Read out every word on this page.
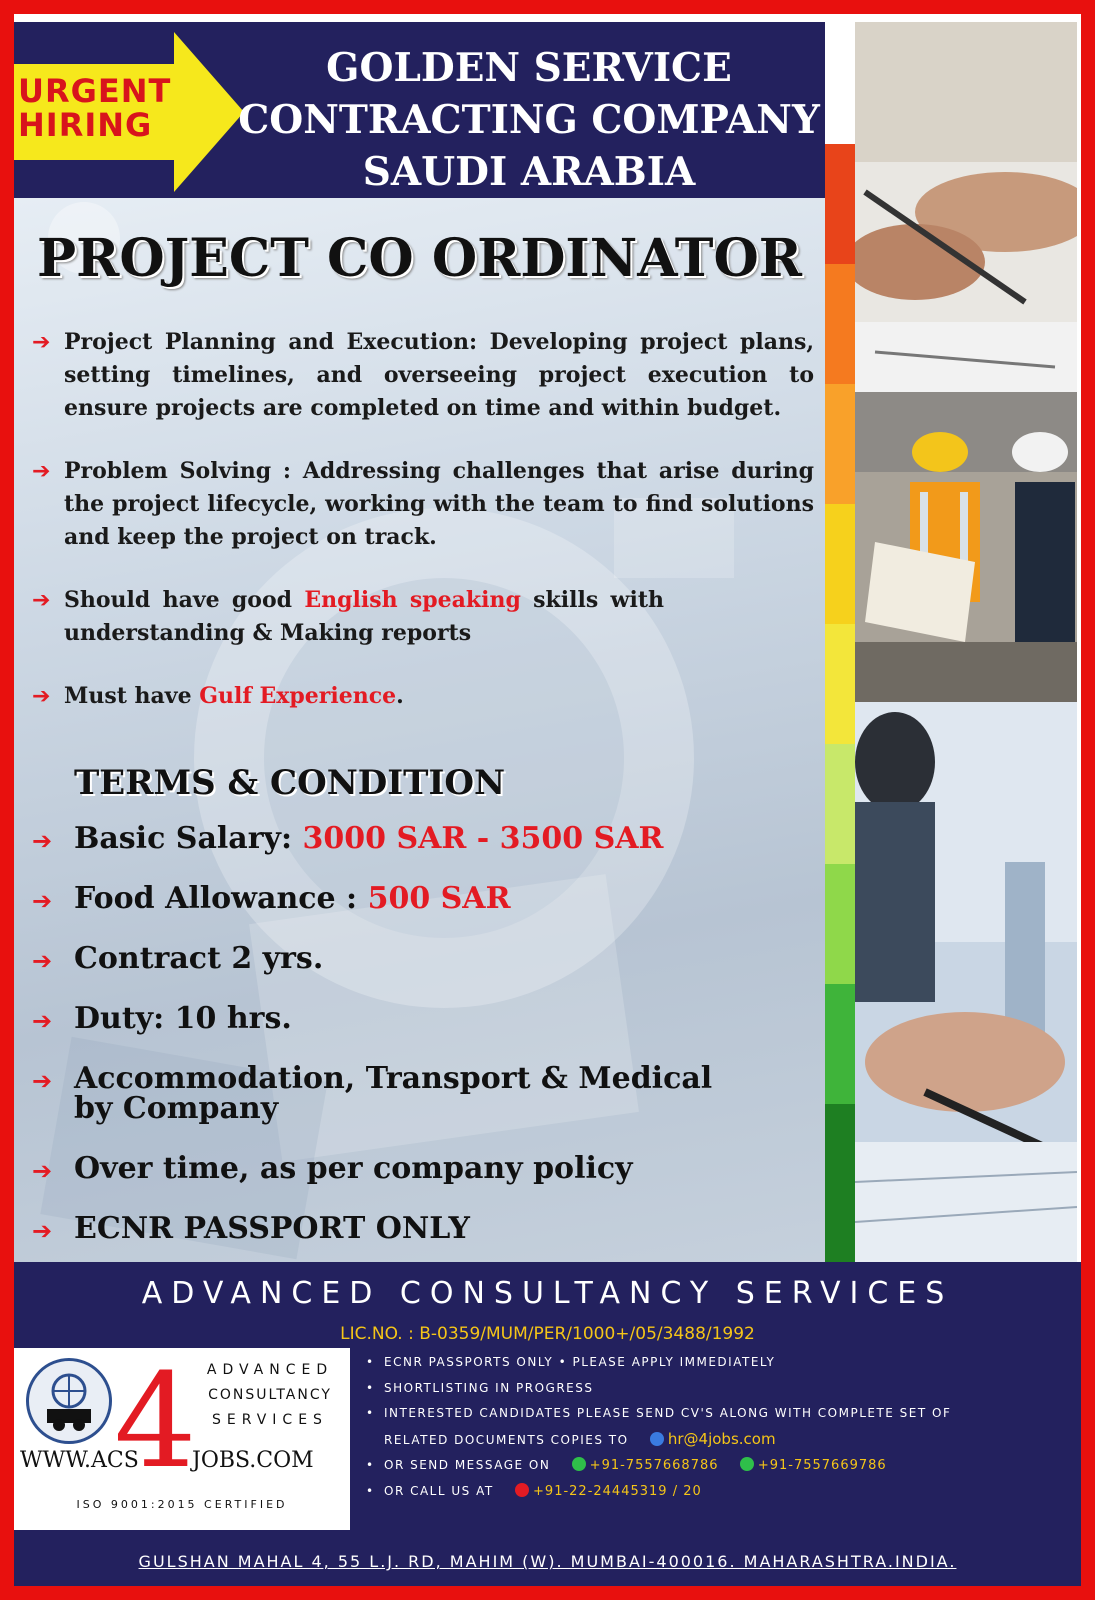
URGENT
HIRING
GOLDEN SERVICE
CONTRACTING COMPANY
SAUDI ARABIA
PROJECT CO ORDINATOR
➔ Project Planning and Execution: Developing project plans, setting timelines, and overseeing project execution to ensure projects are completed on time and within budget.
➔ Problem Solving : Addressing challenges that arise during the project lifecycle, working with the team to find solutions and keep the project on track.
➔ Should have good English speaking skills with understanding & Making reports
➔ Must have Gulf Experience.
TERMS & CONDITION
➔ Basic Salary: 3000 SAR - 3500 SAR
➔ Food Allowance : 500 SAR
➔ Contract 2 yrs.
➔ Duty: 10 hrs.
➔ Accommodation, Transport & Medical by Company
➔ Over time, as per company policy
➔ ECNR PASSPORT ONLY
ADVANCED CONSULTANCY SERVICES
LIC.NO. : B-0359/MUM/PER/1000+/05/3488/1992
4 ADVANCED
CONSULTANCY
SERVICES
WWW.ACS JOBS.COM
ISO 9001:2015 CERTIFIED
• ECNR PASSPORTS ONLY • PLEASE APPLY IMMEDIATELY
• SHORTLISTING IN PROGRESS
• INTERESTED CANDIDATES PLEASE SEND CV'S ALONG WITH COMPLETE SET OF
RELATED DOCUMENTS COPIES TO	hr@4jobs.com
• OR SEND MESSAGE ON	+91-7557668786	+91-7557669786
• OR CALL US AT	+91-22-24445319 / 20
GULSHAN MAHAL 4, 55 L.J. RD, MAHIM (W). MUMBAI-400016. MAHARASHTRA.INDIA.
